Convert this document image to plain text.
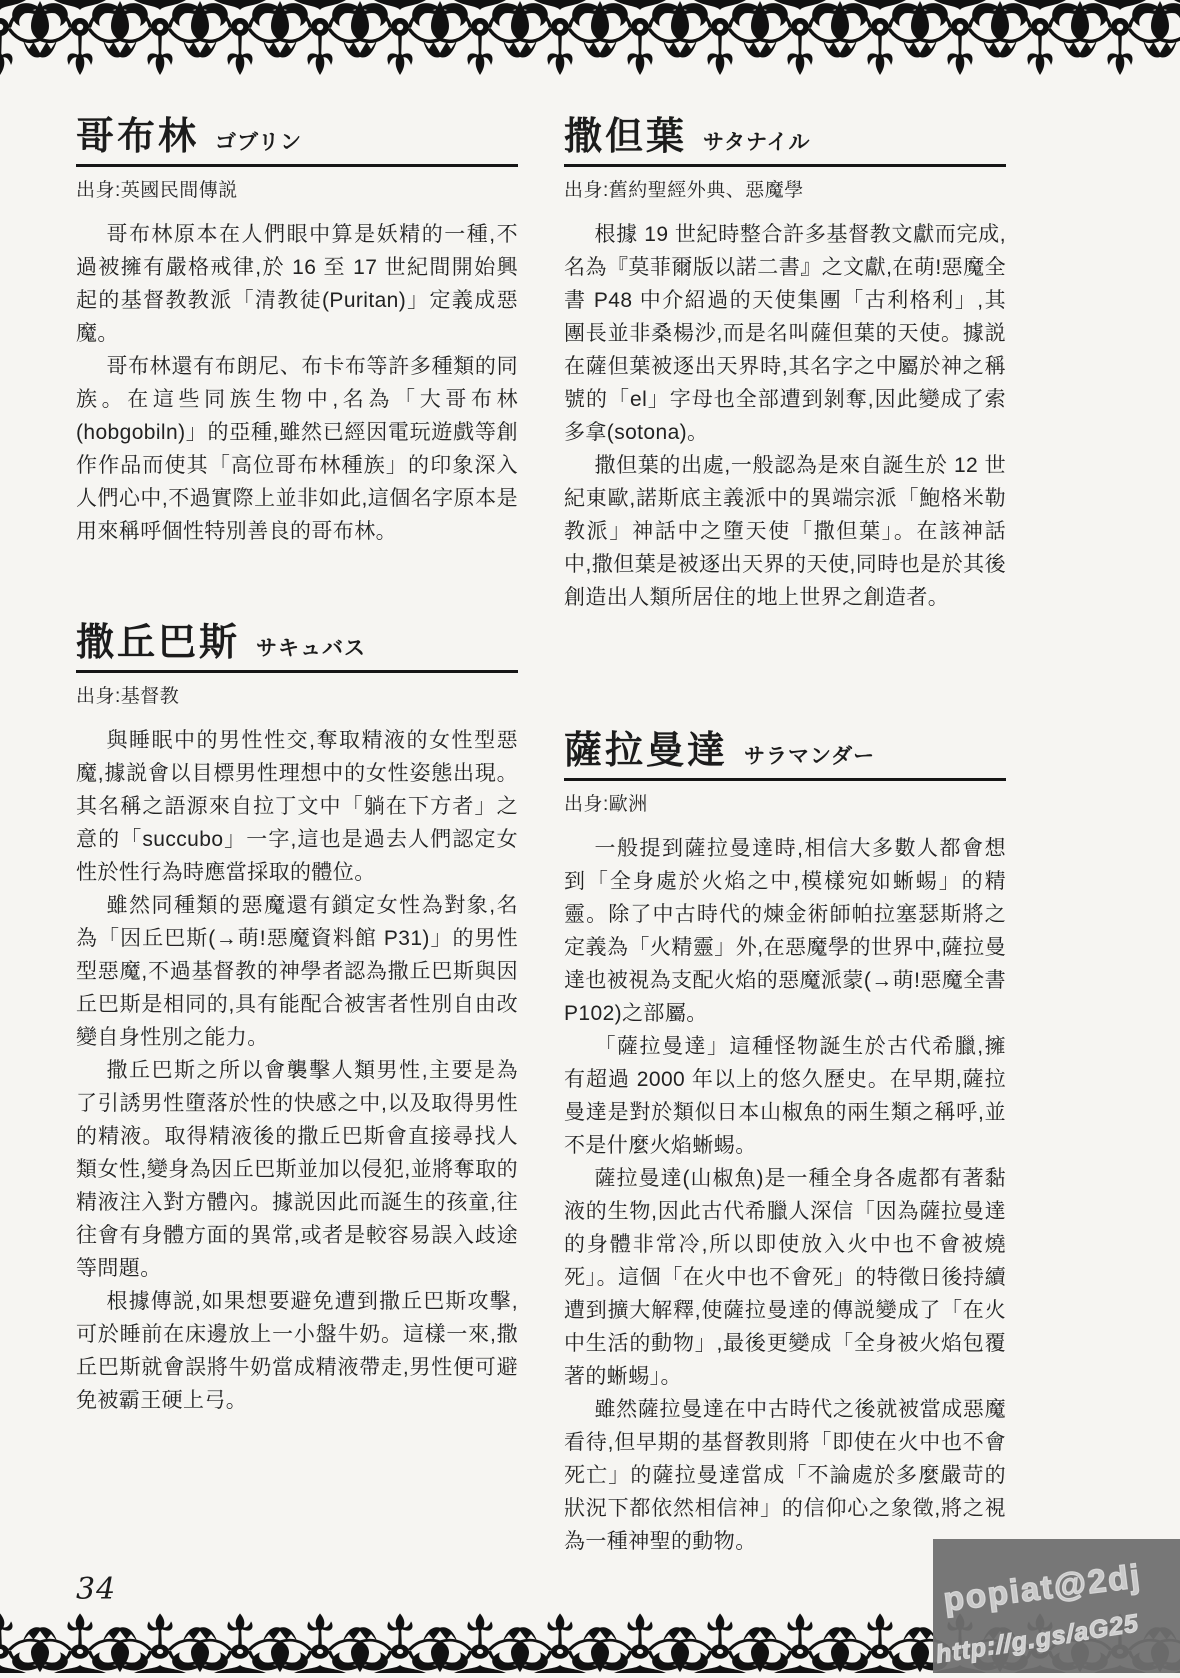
哥布林 ゴブリン
出身:英國民間傳説

哥布林原本在人們眼中算是妖精的一種,不過被擁有嚴格戒律,於 16 至 17 世紀間開始興起的基督教教派「清教徒(Puritan)」定義成惡魔。

哥布林還有布朗尼、布卡布等許多種類的同族。在這些同族生物中,名為「大哥布林(hobgobiln)」的亞種,雖然已經因電玩遊戲等創作作品而使其「高位哥布林種族」的印象深入人們心中,不過實際上並非如此,這個名字原本是用來稱呼個性特別善良的哥布林。

撒丘巴斯 サキュバス
出身:基督教

與睡眠中的男性性交,奪取精液的女性型惡魔,據説會以目標男性理想中的女性姿態出現。其名稱之語源來自拉丁文中「躺在下方者」之意的「succubo」一字,這也是過去人們認定女性於性行為時應當採取的體位。

雖然同種類的惡魔還有鎖定女性為對象,名為「因丘巴斯(→萌!惡魔資料館 P31)」的男性型惡魔,不過基督教的神學者認為撒丘巴斯與因丘巴斯是相同的,具有能配合被害者性別自由改變自身性別之能力。

撒丘巴斯之所以會襲擊人類男性,主要是為了引誘男性墮落於性的快感之中,以及取得男性的精液。取得精液後的撒丘巴斯會直接尋找人類女性,變身為因丘巴斯並加以侵犯,並將奪取的精液注入對方體內。據説因此而誕生的孩童,往往會有身體方面的異常,或者是較容易誤入歧途等問題。

根據傳説,如果想要避免遭到撒丘巴斯攻擊,可於睡前在床邊放上一小盤牛奶。這樣一來,撒丘巴斯就會誤將牛奶當成精液帶走,男性便可避免被霸王硬上弓。

撒但葉 サタナイル
出身:舊約聖經外典、惡魔學

根據 19 世紀時整合許多基督教文獻而完成,名為『莫菲爾版以諾二書』之文獻,在萌!惡魔全書 P48 中介紹過的天使集團「古利格利」,其團長並非桑楊沙,而是名叫薩但葉的天使。據説在薩但葉被逐出天界時,其名字之中屬於神之稱號的「el」字母也全部遭到剝奪,因此變成了索多拿(sotona)。

撒但葉的出處,一般認為是來自誕生於 12 世紀東歐,諾斯底主義派中的異端宗派「鮑格米勒教派」神話中之墮天使「撒但葉」。在該神話中,撒但葉是被逐出天界的天使,同時也是於其後創造出人類所居住的地上世界之創造者。

薩拉曼達 サラマンダー
出身:歐洲

一般提到薩拉曼達時,相信大多數人都會想到「全身處於火焰之中,模樣宛如蜥蜴」的精靈。除了中古時代的煉金術師帕拉塞瑟斯將之定義為「火精靈」外,在惡魔學的世界中,薩拉曼達也被視為支配火焰的惡魔派蒙(→萌!惡魔全書 P102)之部屬。

「薩拉曼達」這種怪物誕生於古代希臘,擁有超過 2000 年以上的悠久歷史。在早期,薩拉曼達是對於類似日本山椒魚的兩生類之稱呼,並不是什麼火焰蜥蜴。

薩拉曼達(山椒魚)是一種全身各處都有著黏液的生物,因此古代希臘人深信「因為薩拉曼達的身體非常冷,所以即使放入火中也不會被燒死」。這個「在火中也不會死」的特徵日後持續遭到擴大解釋,使薩拉曼達的傳説變成了「在火中生活的動物」,最後更變成「全身被火焰包覆著的蜥蜴」。

雖然薩拉曼達在中古時代之後就被當成惡魔看待,但早期的基督教則將「即使在火中也不會死亡」的薩拉曼達當成「不論處於多麼嚴苛的狀況下都依然相信神」的信仰心之象徵,將之視為一種神聖的動物。

34	popiat@2dj
http://g.gs/aG25
